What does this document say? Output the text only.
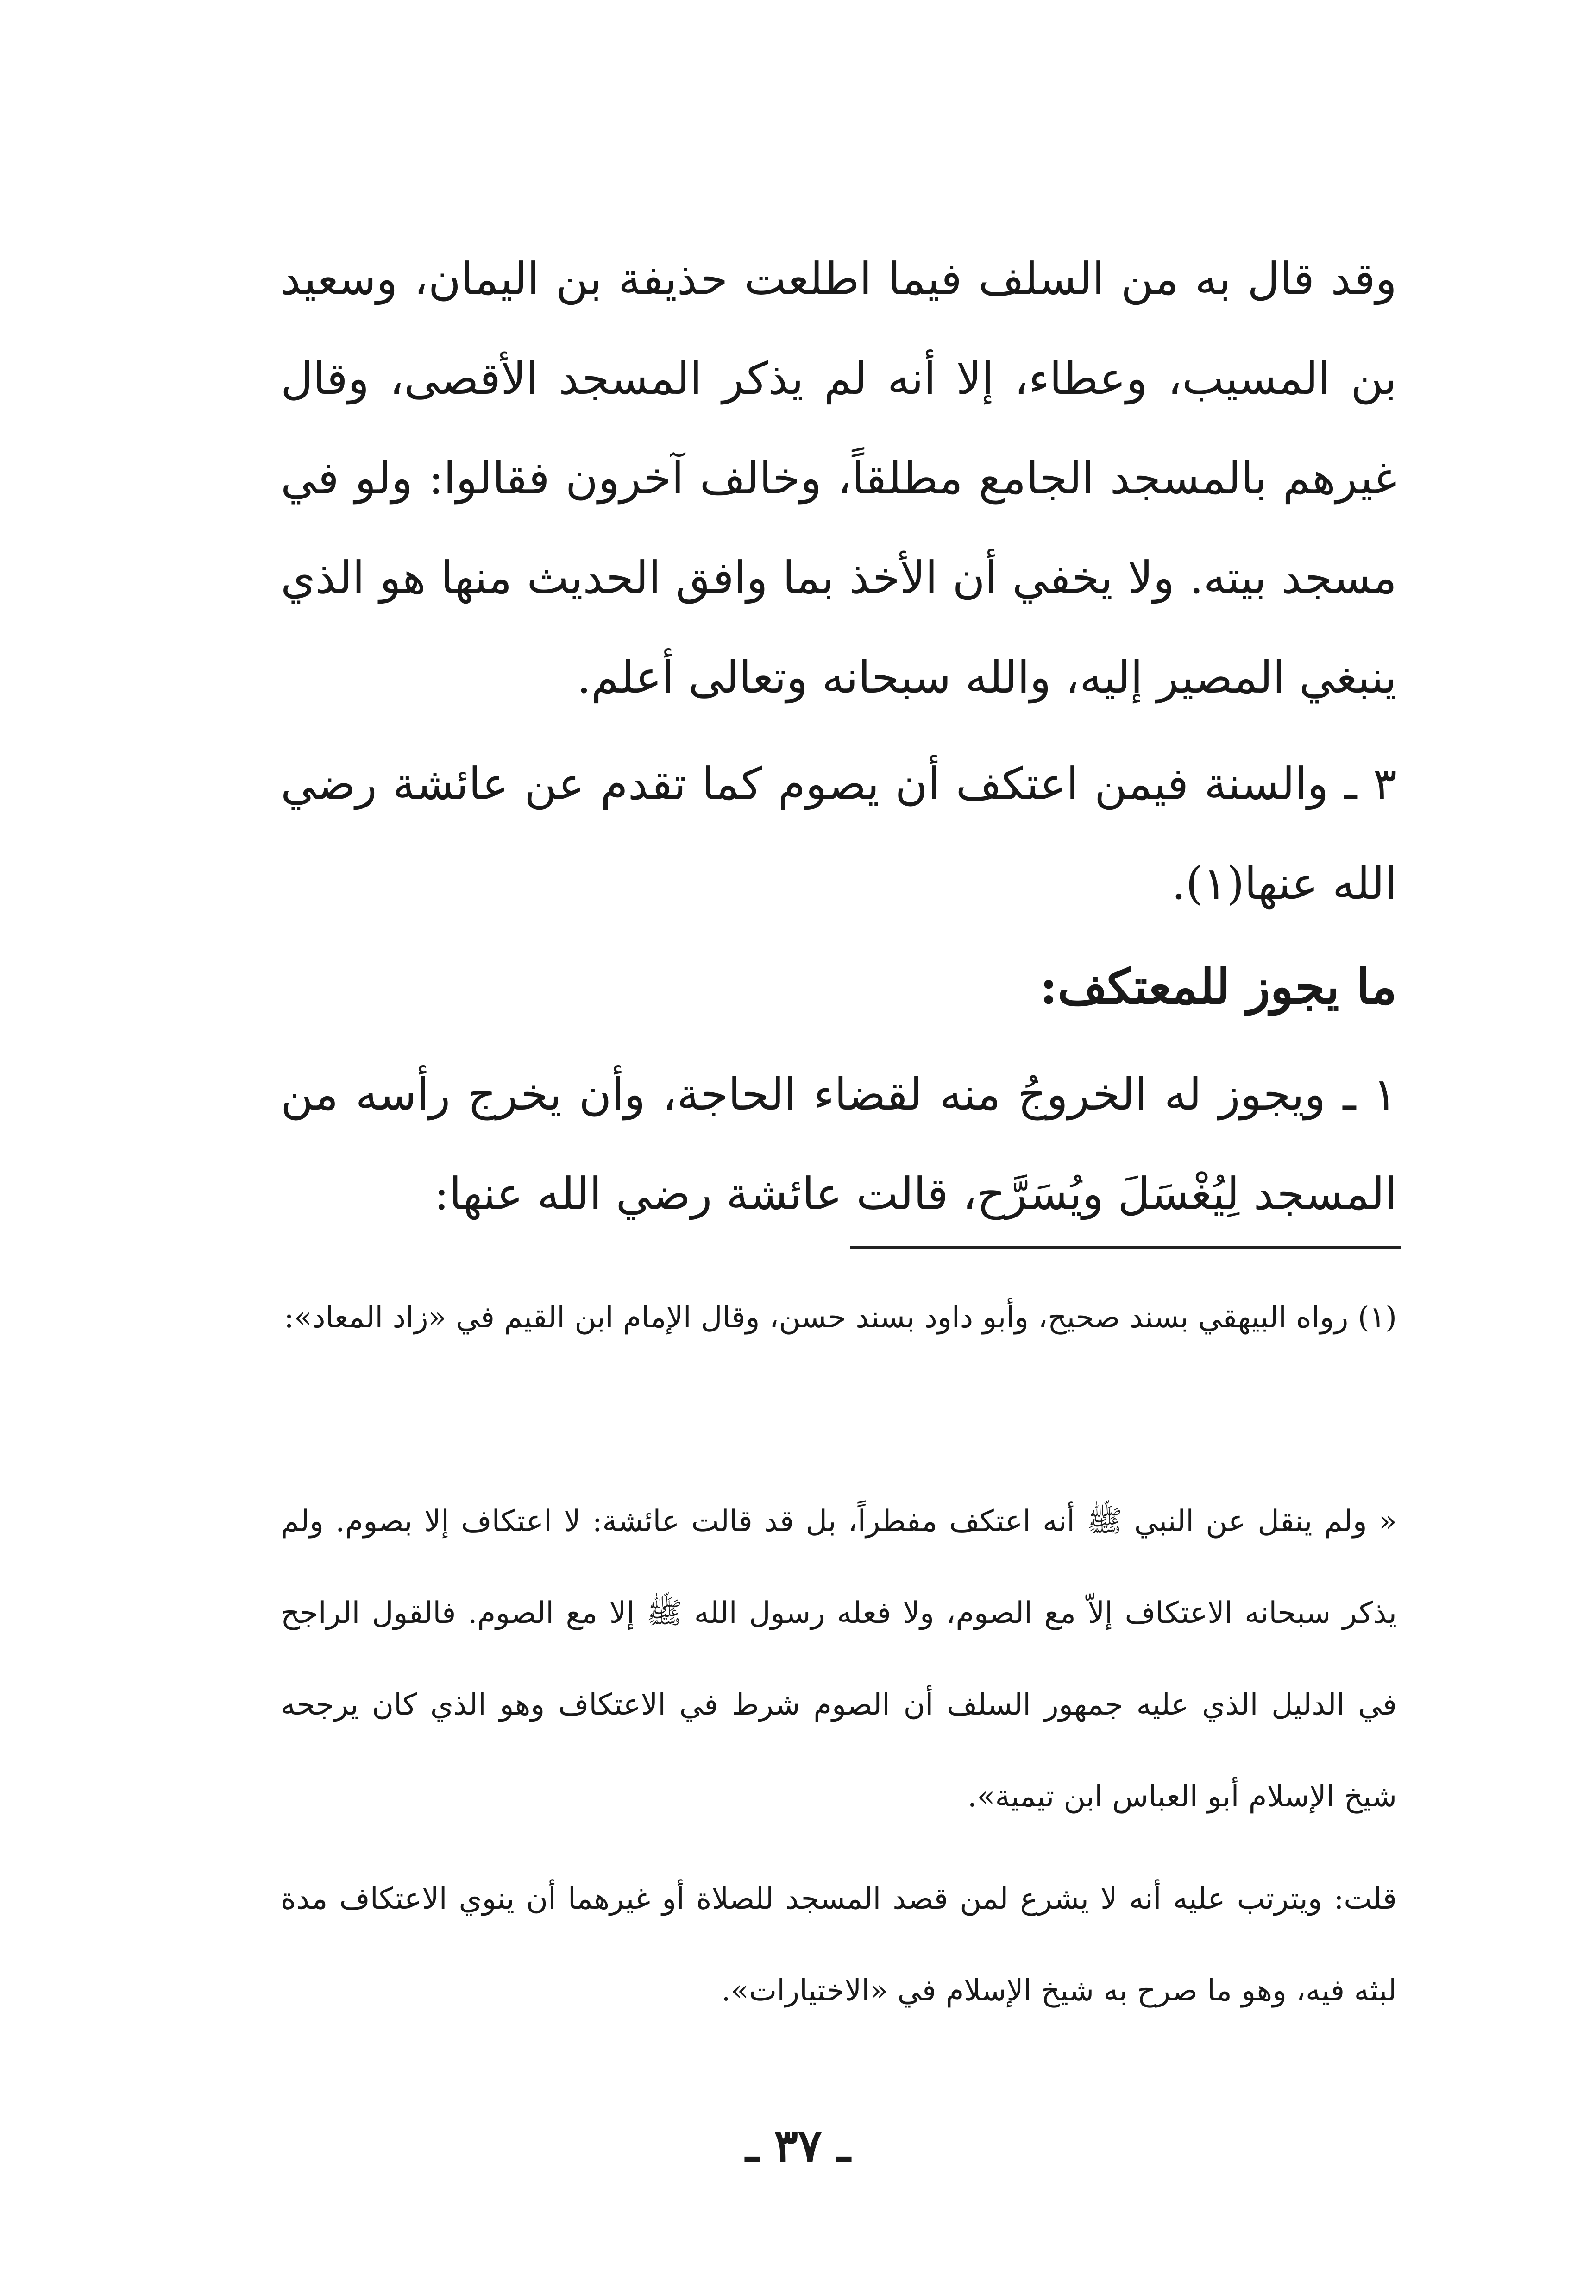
وقد قال به من السلف فيما اطلعت حذيفة بن اليمان، وسعيد بن المسيب، وعطاء، إلا أنه لم يذكر المسجد الأقصى، وقال غيرهم بالمسجد الجامع مطلقاً، وخالف آخرون فقالوا: ولو في مسجد بيته. ولا يخفي أن الأخذ بما وافق الحديث منها هو الذي ينبغي المصير إليه، والله سبحانه وتعالى أعلم.

٣ ـ والسنة فيمن اعتكف أن يصوم كما تقدم عن عائشة رضي الله عنها(١).

ما يجوز للمعتكف:

١ ـ ويجوز له الخروجُ منه لقضاء الحاجة، وأن يخرج رأسه من المسجد لِيُغْسَلَ ويُسَرَّح، قالت عائشة رضي الله عنها:

(١) رواه البيهقي بسند صحيح، وأبو داود بسند حسن، وقال الإمام ابن القيم في «زاد المعاد»:

« ولم ينقل عن النبي ﷺ أنه اعتكف مفطراً، بل قد قالت عائشة: لا اعتكاف إلا بصوم. ولم يذكر سبحانه الاعتكاف إلاّ مع الصوم، ولا فعله رسول الله ﷺ إلا مع الصوم. فالقول الراجح في الدليل الذي عليه جمهور السلف أن الصوم شرط في الاعتكاف وهو الذي كان يرجحه شيخ الإسلام أبو العباس ابن تيمية».

قلت: ويترتب عليه أنه لا يشرع لمن قصد المسجد للصلاة أو غيرهما أن ينوي الاعتكاف مدة لبثه فيه، وهو ما صرح به شيخ الإسلام في «الاختيارات».

ـ ٣٧ ـ
